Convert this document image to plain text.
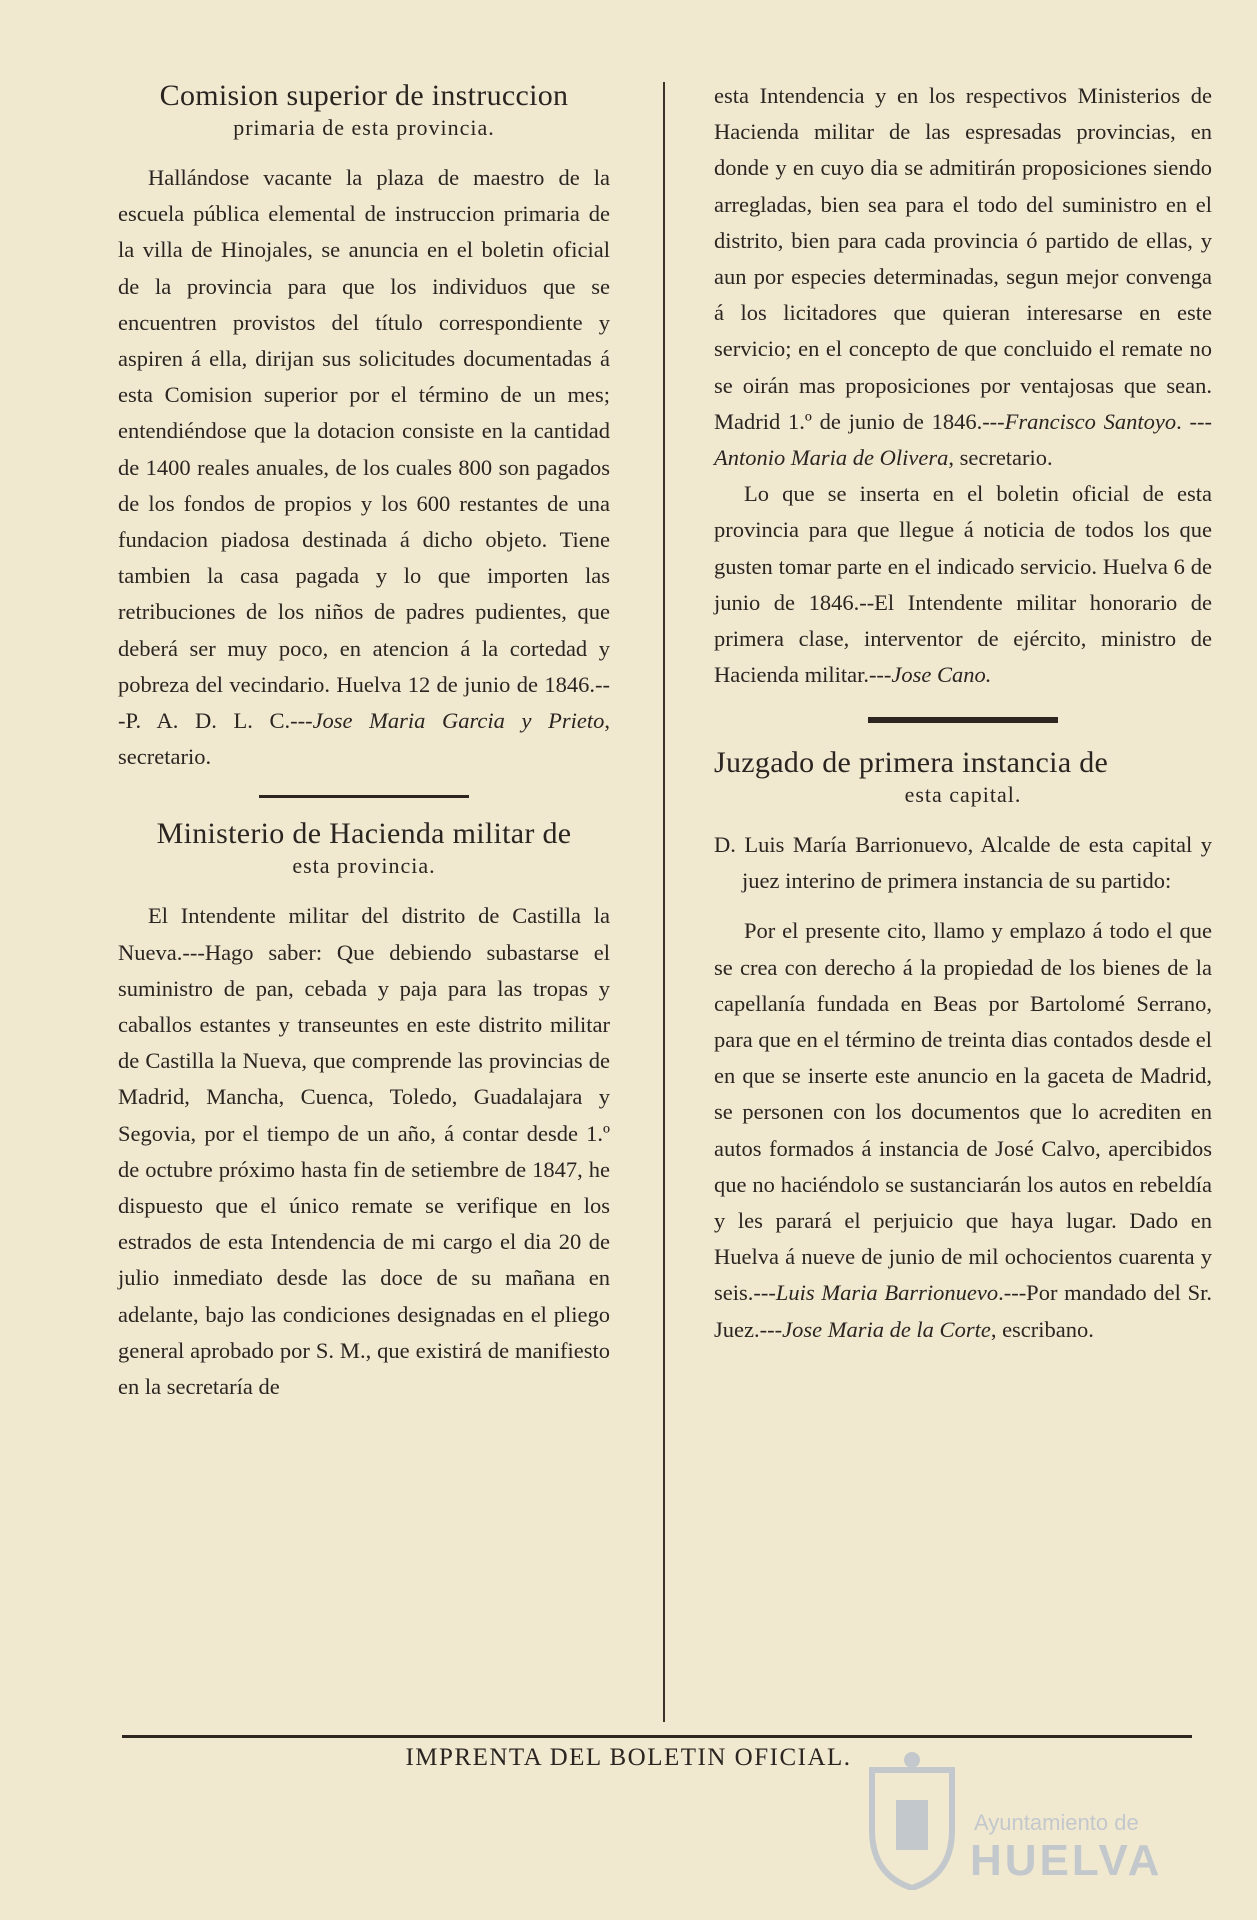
Comision superior de instruccion
primaria de esta provincia.

Hallándose vacante la plaza de maestro de la escuela pública elemental de instruccion primaria de la villa de Hinojales, se anuncia en el boletin oficial de la provincia para que los individuos que se encuentren provistos del título correspondiente y aspiren á ella, dirijan sus solicitudes documentadas á esta Comision superior por el término de un mes; entendiéndose que la dotacion consiste en la cantidad de 1400 reales anuales, de los cuales 800 son pagados de los fondos de propios y los 600 restantes de una fundacion piadosa destinada á dicho objeto. Tiene tambien la casa pagada y lo que importen las retribuciones de los niños de padres pudientes, que deberá ser muy poco, en atencion á la cortedad y pobreza del vecindario. Huelva 12 de junio de 1846.---P. A. D. L. C.---Jose Maria Garcia y Prieto, secretario.

Ministerio de Hacienda militar de
esta provincia.

El Intendente militar del distrito de Castilla la Nueva.---Hago saber: Que debiendo subastarse el suministro de pan, cebada y paja para las tropas y caballos estantes y transeuntes en este distrito militar de Castilla la Nueva, que comprende las provincias de Madrid, Mancha, Cuenca, Toledo, Guadalajara y Segovia, por el tiempo de un año, á contar desde 1.º de octubre próximo hasta fin de setiembre de 1847, he dispuesto que el único remate se verifique en los estrados de esta Intendencia de mi cargo el dia 20 de julio inmediato desde las doce de su mañana en adelante, bajo las condiciones designadas en el pliego general aprobado por S. M., que existirá de manifiesto en la secretaría de

esta Intendencia y en los respectivos Ministerios de Hacienda militar de las espresadas provincias, en donde y en cuyo dia se admitirán proposiciones siendo arregladas, bien sea para el todo del suministro en el distrito, bien para cada provincia ó partido de ellas, y aun por especies determinadas, segun mejor convenga á los licitadores que quieran interesarse en este servicio; en el concepto de que concluido el remate no se oirán mas proposiciones por ventajosas que sean. Madrid 1.º de junio de 1846.---Francisco Santoyo. ---Antonio Maria de Olivera, secretario.

Lo que se inserta en el boletin oficial de esta provincia para que llegue á noticia de todos los que gusten tomar parte en el indicado servicio. Huelva 6 de junio de 1846.--El Intendente militar honorario de primera clase, interventor de ejército, ministro de Hacienda militar.---Jose Cano.

Juzgado de primera instancia de
esta capital.
D. Luis María Barrionuevo, Alcalde de esta capital y juez interino de primera instancia de su partido:

Por el presente cito, llamo y emplazo á todo el que se crea con derecho á la propiedad de los bienes de la capellanía fundada en Beas por Bartolomé Serrano, para que en el término de treinta dias contados desde el en que se inserte este anuncio en la gaceta de Madrid, se personen con los documentos que lo acrediten en autos formados á instancia de José Calvo, apercibidos que no haciéndolo se sustanciarán los autos en rebeldía y les parará el perjuicio que haya lugar. Dado en Huelva á nueve de junio de mil ochocientos cuarenta y seis.---Luis Maria Barrionuevo.---Por mandado del Sr. Juez.---Jose Maria de la Corte, escribano.

IMPRENTA DEL BOLETIN OFICIAL.
Ayuntamiento de
HUELVA
